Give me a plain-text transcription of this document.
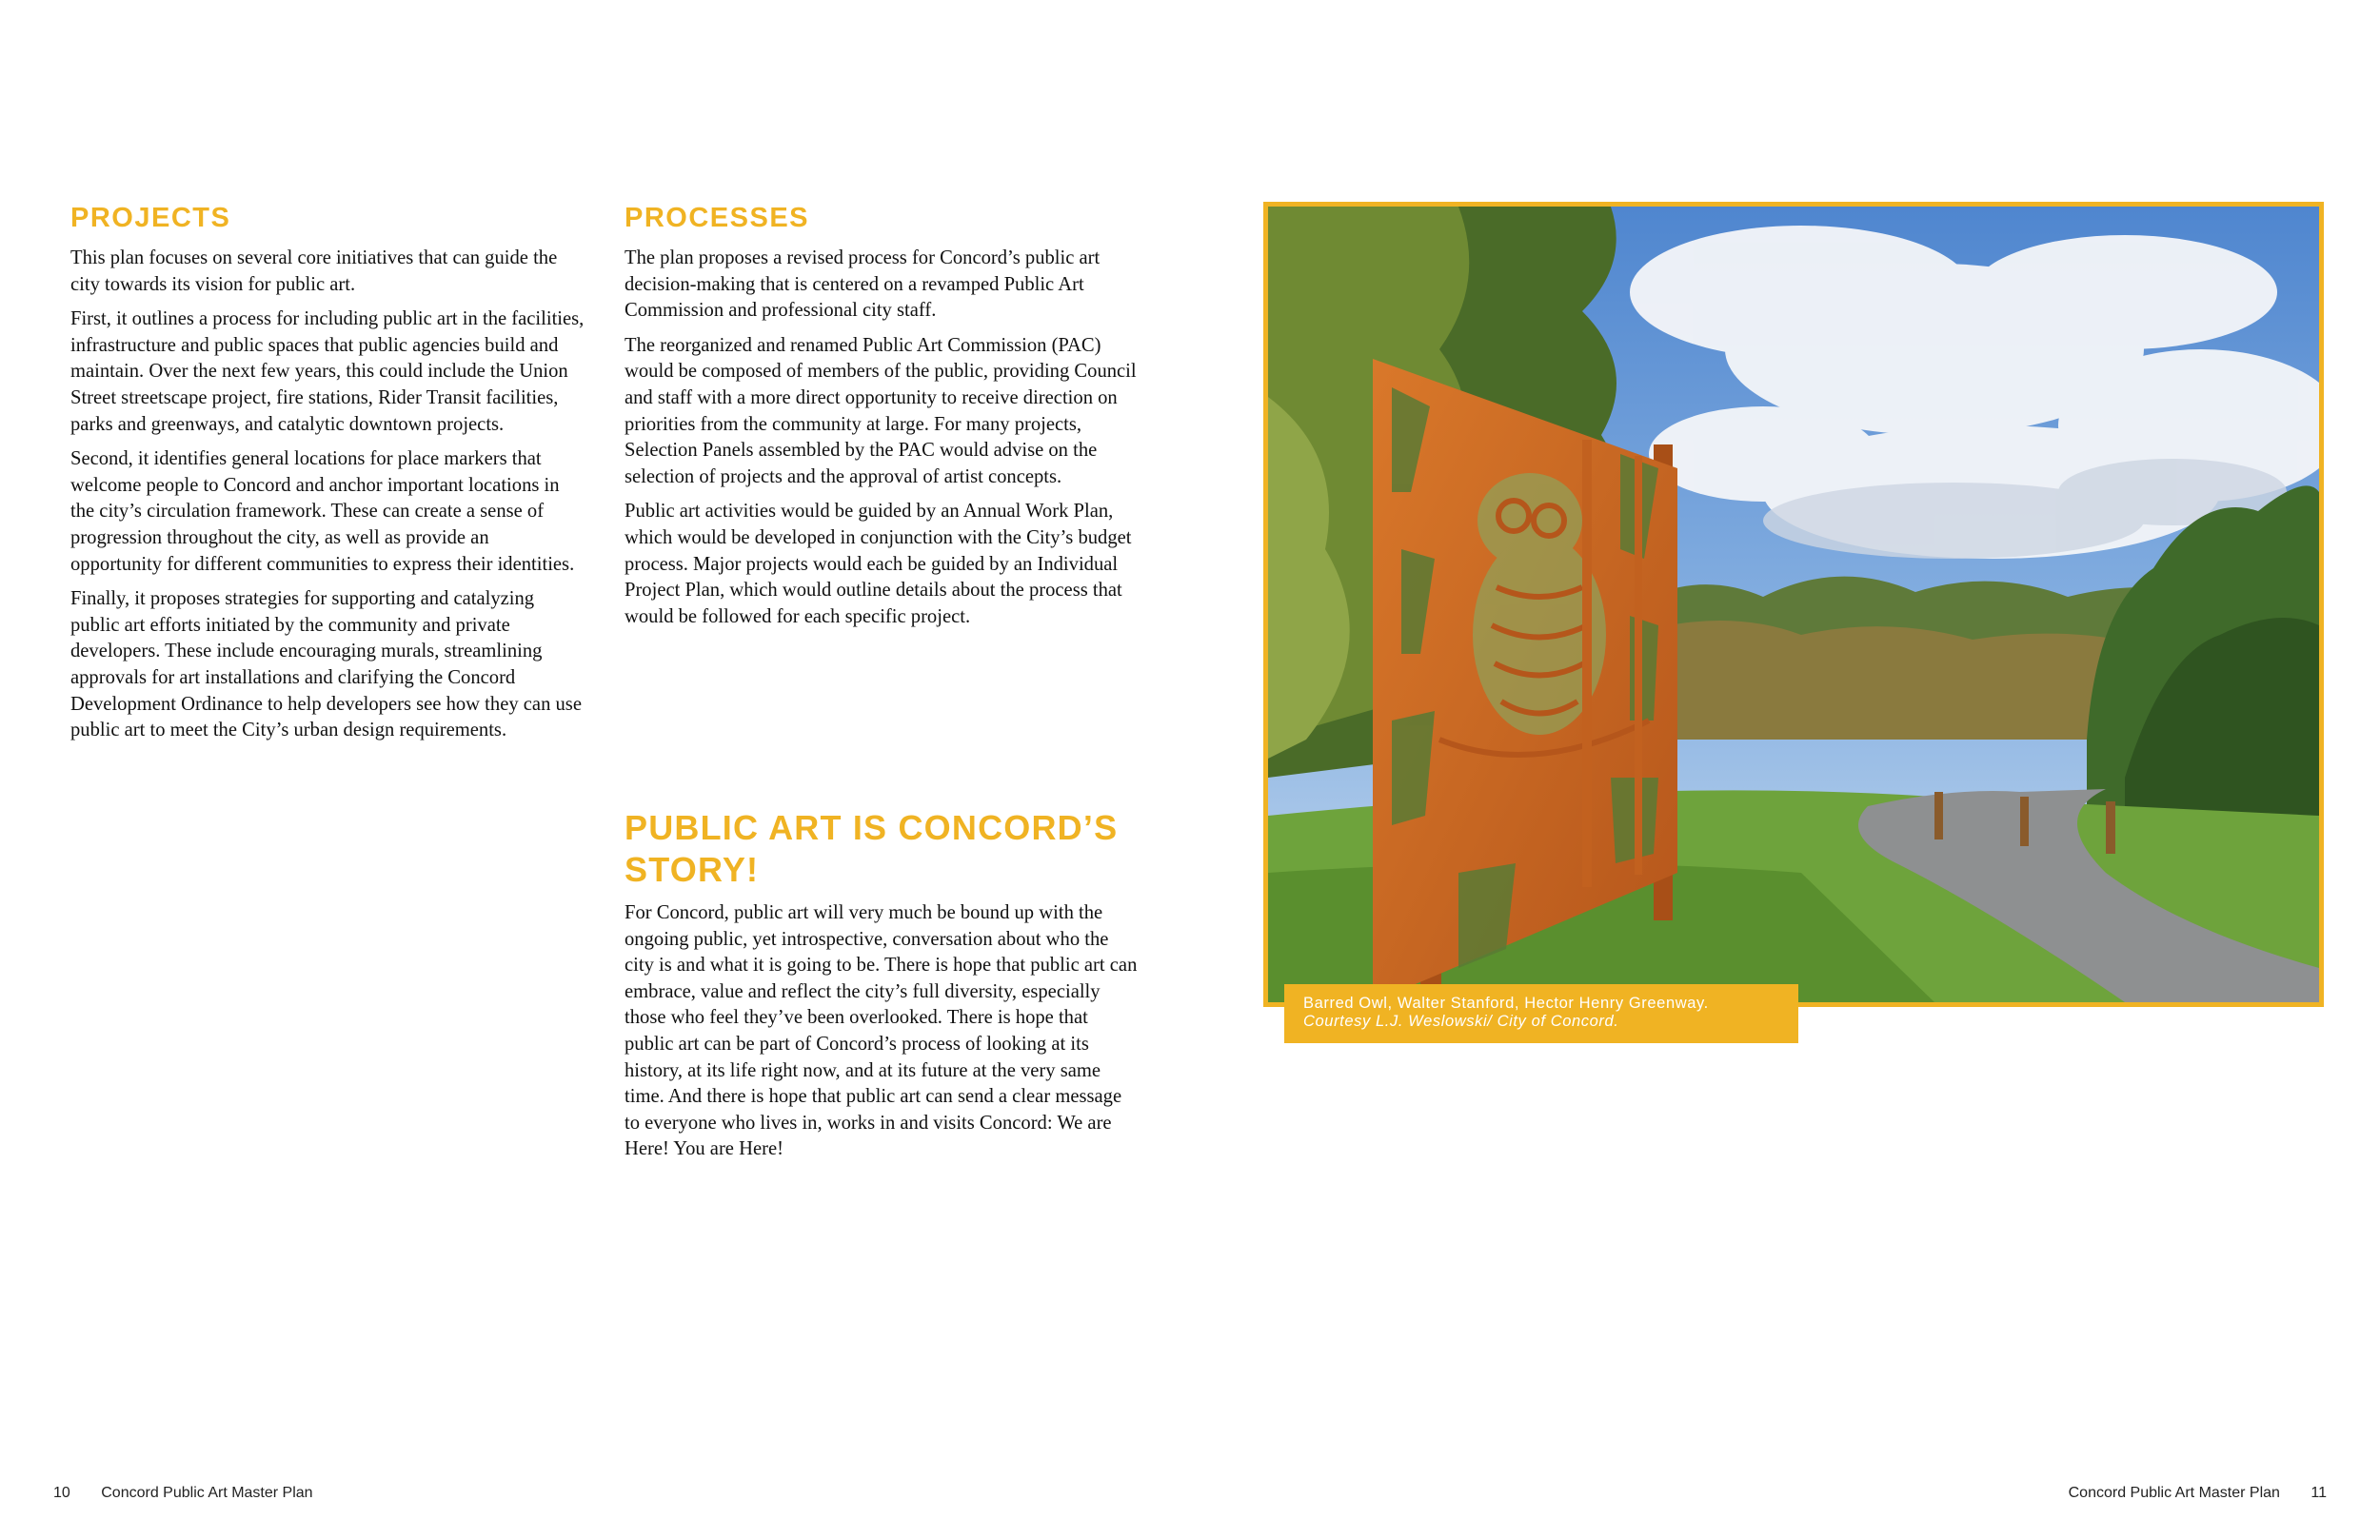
PROJECTS

This plan focuses on several core initiatives that can guide the city towards its vision for public art.

First, it outlines a process for including public art in the facilities, infrastructure and public spaces that public agencies build and maintain. Over the next few years, this could include the Union Street streetscape project, fire stations, Rider Transit facilities, parks and greenways, and catalytic downtown projects.

Second, it identifies general locations for place markers that welcome people to Concord and anchor important locations in the city’s circulation framework. These can create a sense of progression throughout the city, as well as provide an opportunity for different communities to express their identities.

Finally, it proposes strategies for supporting and catalyzing public art efforts initiated by the community and private developers. These include encouraging murals, streamlining approvals for art installations and clarifying the Concord Development Ordinance to help developers see how they can use public art to meet the City’s urban design requirements.

PROCESSES

The plan proposes a revised process for Concord’s public art decision-making that is centered on a revamped Public Art Commission and professional city staff.

The reorganized and renamed Public Art Commission (PAC) would be composed of members of the public, providing Council and staff with a more direct opportunity to receive direction on priorities from the community at large. For many projects, Selection Panels assembled by the PAC would advise on the selection of projects and the approval of artist concepts.

Public art activities would be guided by an Annual Work Plan, which would be developed in conjunction with the City’s budget process. Major projects would each be guided by an Individual Project Plan, which would outline details about the process that would be followed for each specific project.

PUBLIC ART IS CONCORD’S STORY!

For Concord, public art will very much be bound up with the ongoing public, yet introspective, conversation about who the city is and what it is going to be. There is hope that public art can embrace, value and reflect the city’s full diversity, especially those who feel they’ve been overlooked. There is hope that public art can be part of Concord’s process of looking at its history, at its life right now, and at its future at the very same time. And there is hope that public art can send a clear message to everyone who lives in, works in and visits Concord: We are Here! You are Here!

Barred Owl, Walter Stanford, Hector Henry Greenway.
Courtesy L.J. Weslowski/ City of Concord.
10 Concord Public Art Master Plan	Concord Public Art Master Plan 11
